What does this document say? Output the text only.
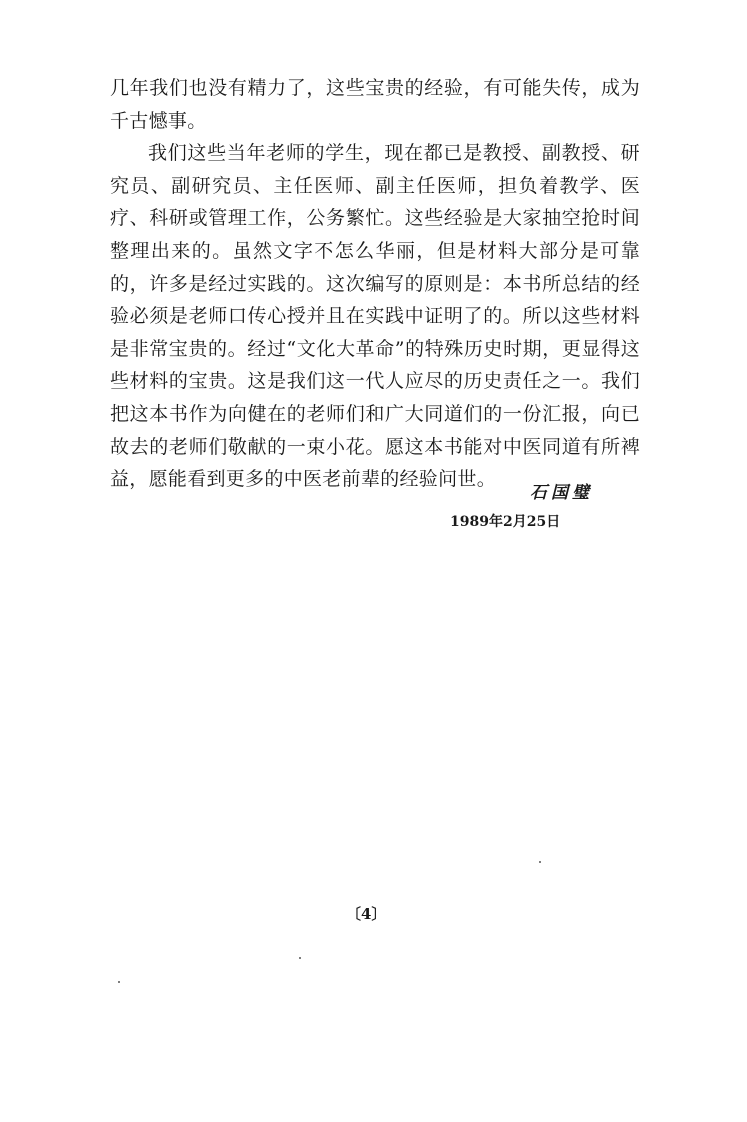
几年我们也没有精力了，这些宝贵的经验，有可能失传，成为千古憾事。

我们这些当年老师的学生，现在都已是教授、副教授、研究员、副研究员、主任医师、副主任医师，担负着教学、医疗、科研或管理工作，公务繁忙。这些经验是大家抽空抢时间整理出来的。虽然文字不怎么华丽，但是材料大部分是可靠的，许多是经过实践的。这次编写的原则是：本书所总结的经验必须是老师口传心授并且在实践中证明了的。所以这些材料是非常宝贵的。经过“文化大革命”的特殊历史时期，更显得这些材料的宝贵。这是我们这一代人应尽的历史责任之一。我们把这本书作为向健在的老师们和广大同道们的一份汇报，向已故去的老师们敬献的一束小花。愿这本书能对中医同道有所裨益，愿能看到更多的中医老前辈的经验问世。

石国璧
1989年2月25日
〔4〕
